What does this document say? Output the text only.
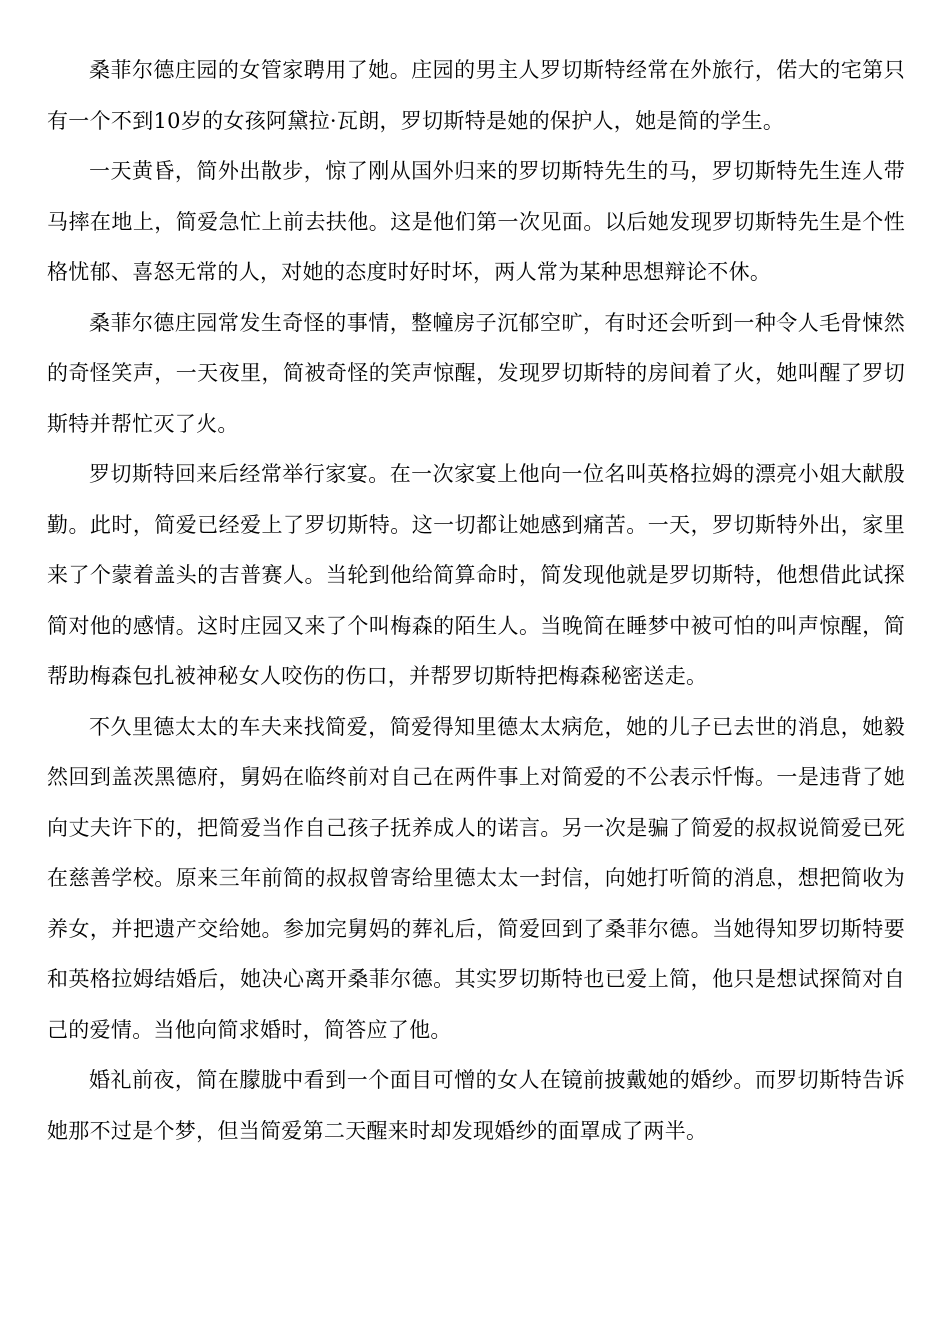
桑菲尔德庄园的女管家聘用了她。庄园的男主人罗切斯特经常在外旅行，偌大的宅第只有一个不到10岁的女孩阿黛拉·瓦朗，罗切斯特是她的保护人，她是简的学生。

一天黄昏，简外出散步，惊了刚从国外归来的罗切斯特先生的马，罗切斯特先生连人带马摔在地上，简爱急忙上前去扶他。这是他们第一次见面。以后她发现罗切斯特先生是个性格忧郁、喜怒无常的人，对她的态度时好时坏，两人常为某种思想辩论不休。

桑菲尔德庄园常发生奇怪的事情，整幢房子沉郁空旷，有时还会听到一种令人毛骨悚然的奇怪笑声，一天夜里，简被奇怪的笑声惊醒，发现罗切斯特的房间着了火，她叫醒了罗切斯特并帮忙灭了火。

罗切斯特回来后经常举行家宴。在一次家宴上他向一位名叫英格拉姆的漂亮小姐大献殷勤。此时，简爱已经爱上了罗切斯特。这一切都让她感到痛苦。一天，罗切斯特外出，家里来了个蒙着盖头的吉普赛人。当轮到他给简算命时，简发现他就是罗切斯特，他想借此试探简对他的感情。这时庄园又来了个叫梅森的陌生人。当晚简在睡梦中被可怕的叫声惊醒，简帮助梅森包扎被神秘女人咬伤的伤口，并帮罗切斯特把梅森秘密送走。

不久里德太太的车夫来找简爱，简爱得知里德太太病危，她的儿子已去世的消息，她毅然回到盖茨黑德府，舅妈在临终前对自己在两件事上对简爱的不公表示忏悔。一是违背了她向丈夫许下的，把简爱当作自己孩子抚养成人的诺言。另一次是骗了简爱的叔叔说简爱已死在慈善学校。原来三年前简的叔叔曾寄给里德太太一封信，向她打听简的消息，想把简收为养女，并把遗产交给她。参加完舅妈的葬礼后，简爱回到了桑菲尔德。当她得知罗切斯特要和英格拉姆结婚后，她决心离开桑菲尔德。其实罗切斯特也已爱上简，他只是想试探简对自己的爱情。当他向简求婚时，简答应了他。

婚礼前夜，简在朦胧中看到一个面目可憎的女人在镜前披戴她的婚纱。而罗切斯特告诉她那不过是个梦，但当简爱第二天醒来时却发现婚纱的面罩成了两半。
